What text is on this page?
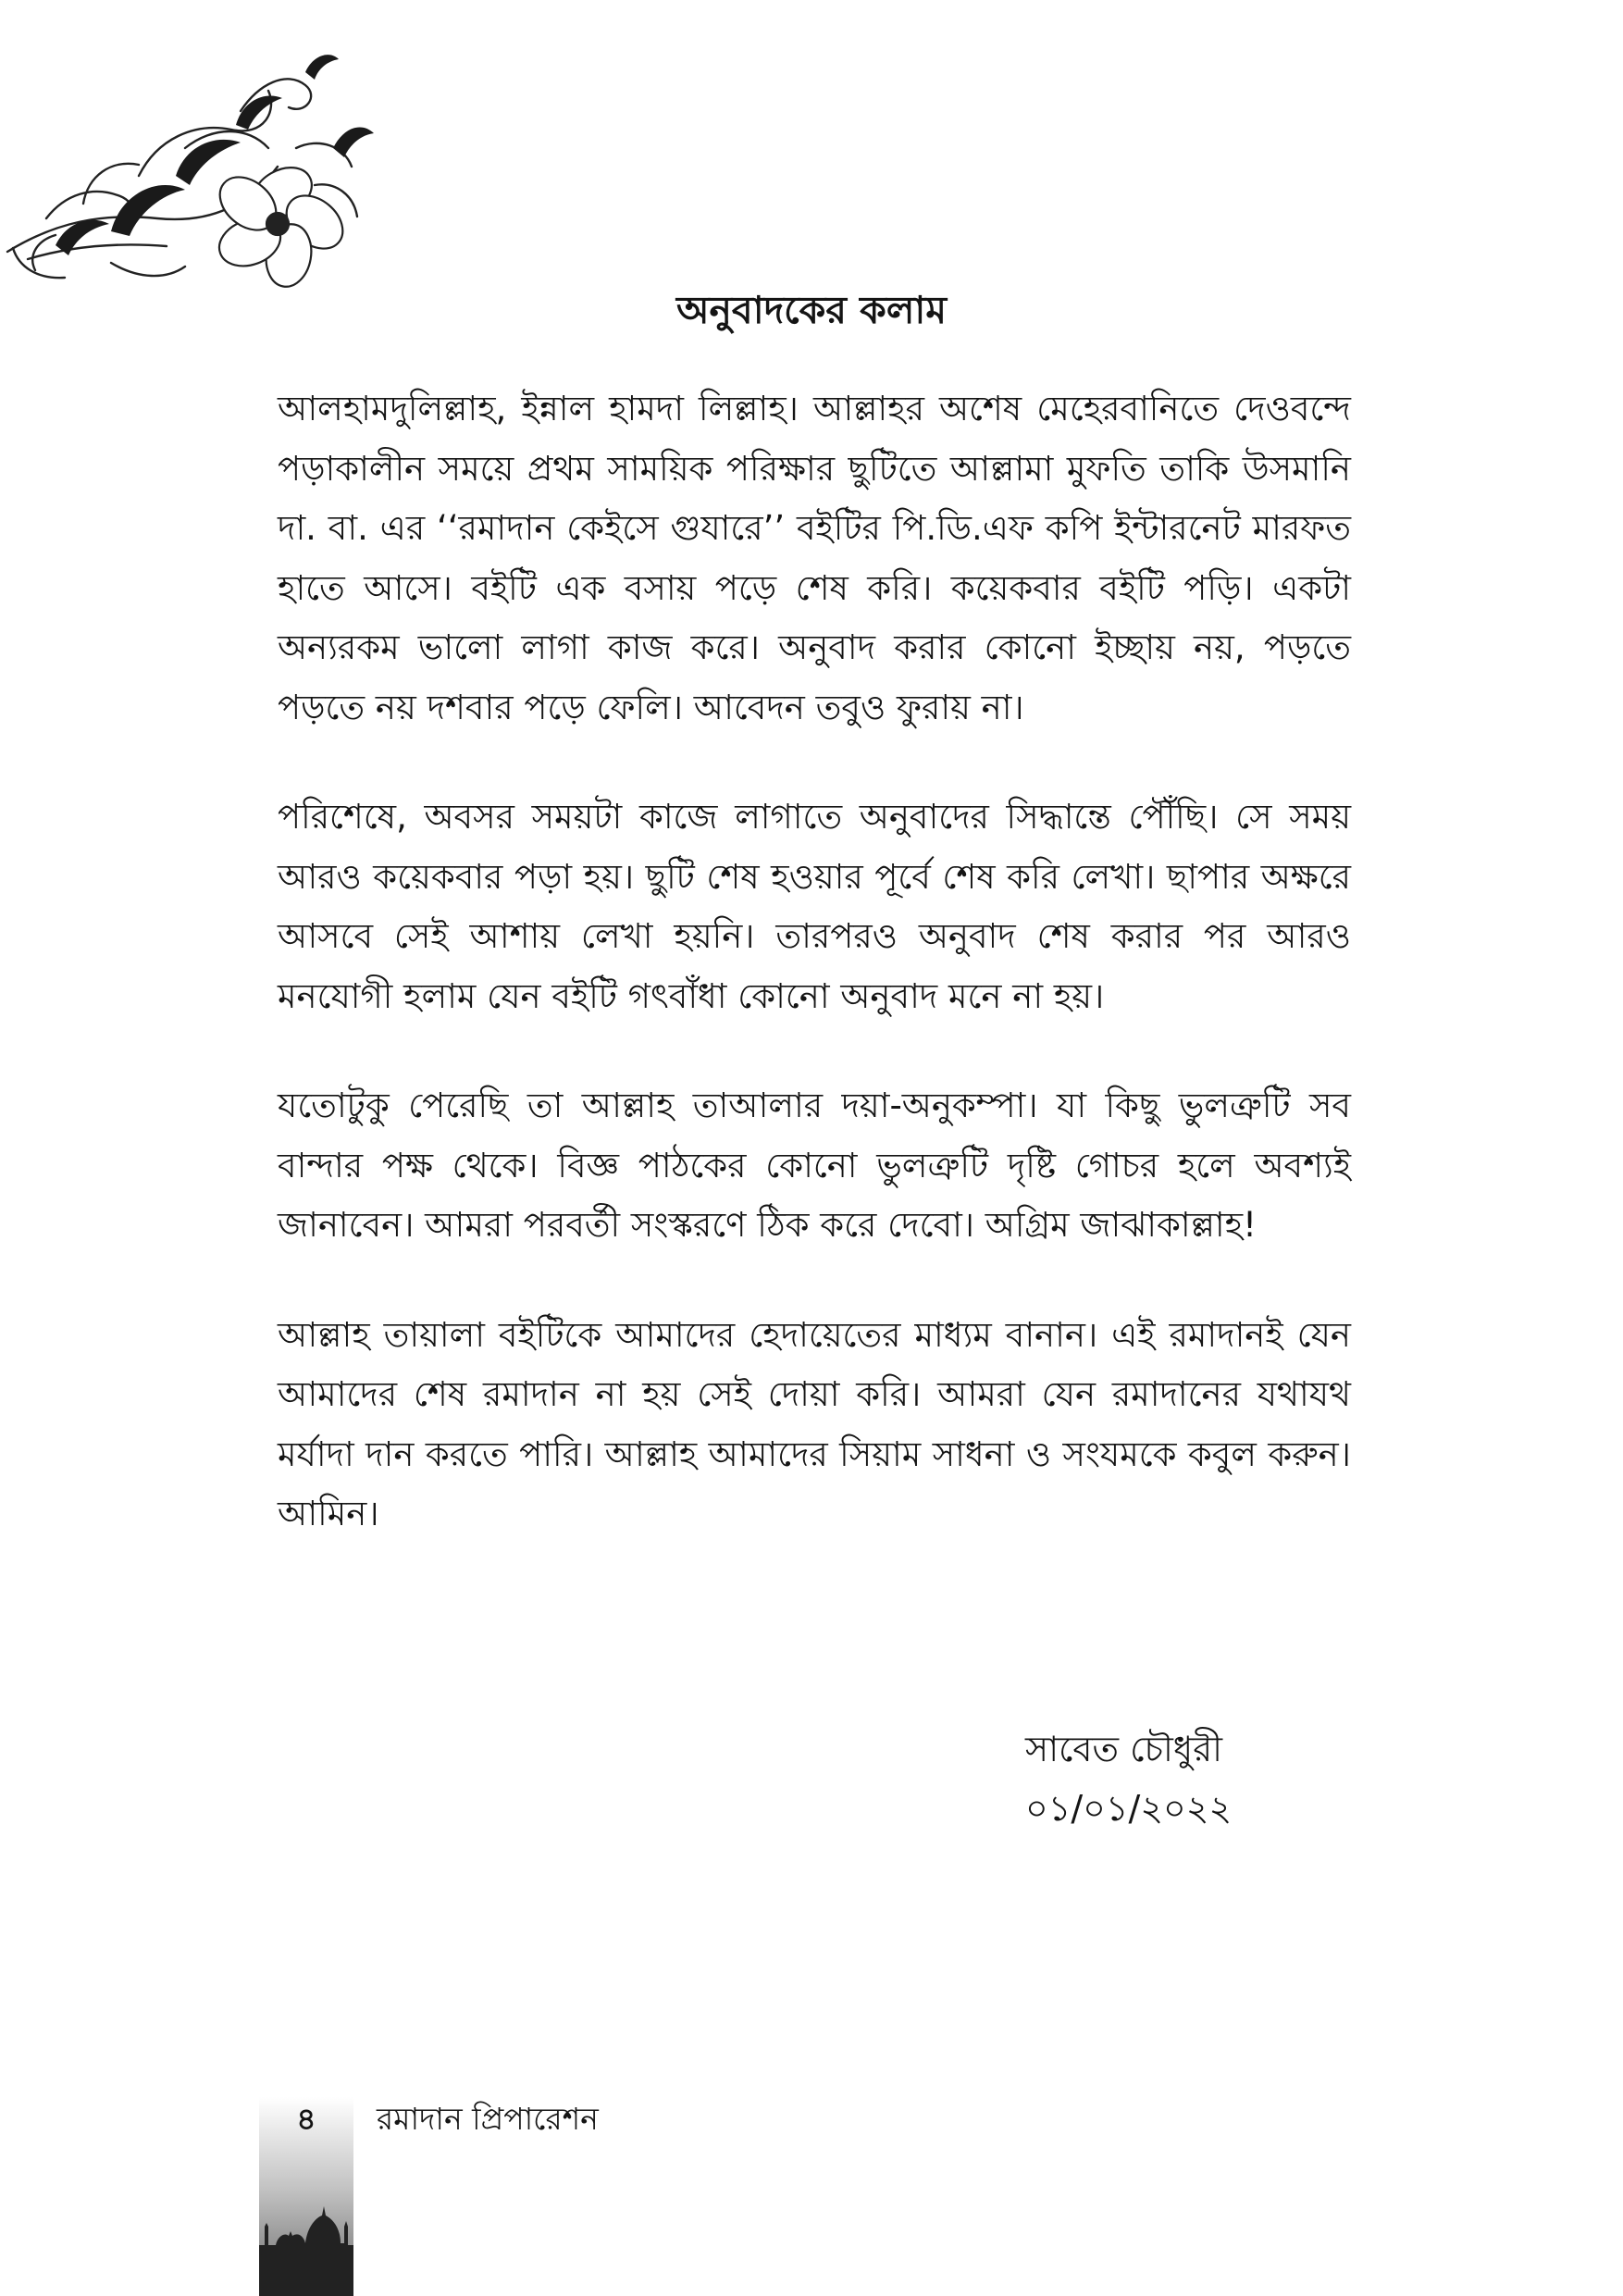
অনুবাদকের কলাম

আলহামদুলিল্লাহ, ইন্নাল হামদা লিল্লাহ। আল্লাহর অশেষ মেহেরবানিতে দেওবন্দে পড়াকালীন সময়ে প্রথম সাময়িক পরিক্ষার ছুটিতে আল্লামা মুফতি তাকি উসমানি দা. বা. এর ‘‘রমাদান কেইসে গুযারে’’ বইটির পি.ডি.এফ কপি ইন্টারনেট মারফত হাতে আসে। বইটি এক বসায় পড়ে শেষ করি। কয়েকবার বইটি পড়ি। একটা অন্যরকম ভালো লাগা কাজ করে। অনুবাদ করার কোনো ইচ্ছায় নয়, পড়তে পড়তে নয় দশবার পড়ে ফেলি। আবেদন তবুও ফুরায় না।

পরিশেষে, অবসর সময়টা কাজে লাগাতে অনুবাদের সিদ্ধান্তে পৌঁছি। সে সময় আরও কয়েকবার পড়া হয়। ছুটি শেষ হওয়ার পূর্বে শেষ করি লেখা। ছাপার অক্ষরে আসবে সেই আশায় লেখা হয়নি। তারপরও অনুবাদ শেষ করার পর আরও মনযোগী হলাম যেন বইটি গৎবাঁধা কোনো অনুবাদ মনে না হয়।

যতোটুকু পেরেছি তা আল্লাহ তাআলার দয়া-অনুকম্পা। যা কিছু ভুলত্রুটি সব বান্দার পক্ষ থেকে। বিজ্ঞ পাঠকের কোনো ভুলত্রুটি দৃষ্টি গোচর হলে অবশ্যই জানাবেন। আমরা পরবর্তী সংস্করণে ঠিক করে দেবো। অগ্রিম জাঝাকাল্লাহ!

আল্লাহ তায়ালা বইটিকে আমাদের হেদায়েতের মাধ্যম বানান। এই রমাদানই যেন আমাদের শেষ রমাদান না হয় সেই দোয়া করি। আমরা যেন রমাদানের যথাযথ মর্যাদা দান করতে পারি। আল্লাহ আমাদের সিয়াম সাধনা ও সংযমকে কবুল করুন। আমিন।

সাবেত চৌধুরী
০১/০১/২০২২
৪	রমাদান প্রিপারেশন
